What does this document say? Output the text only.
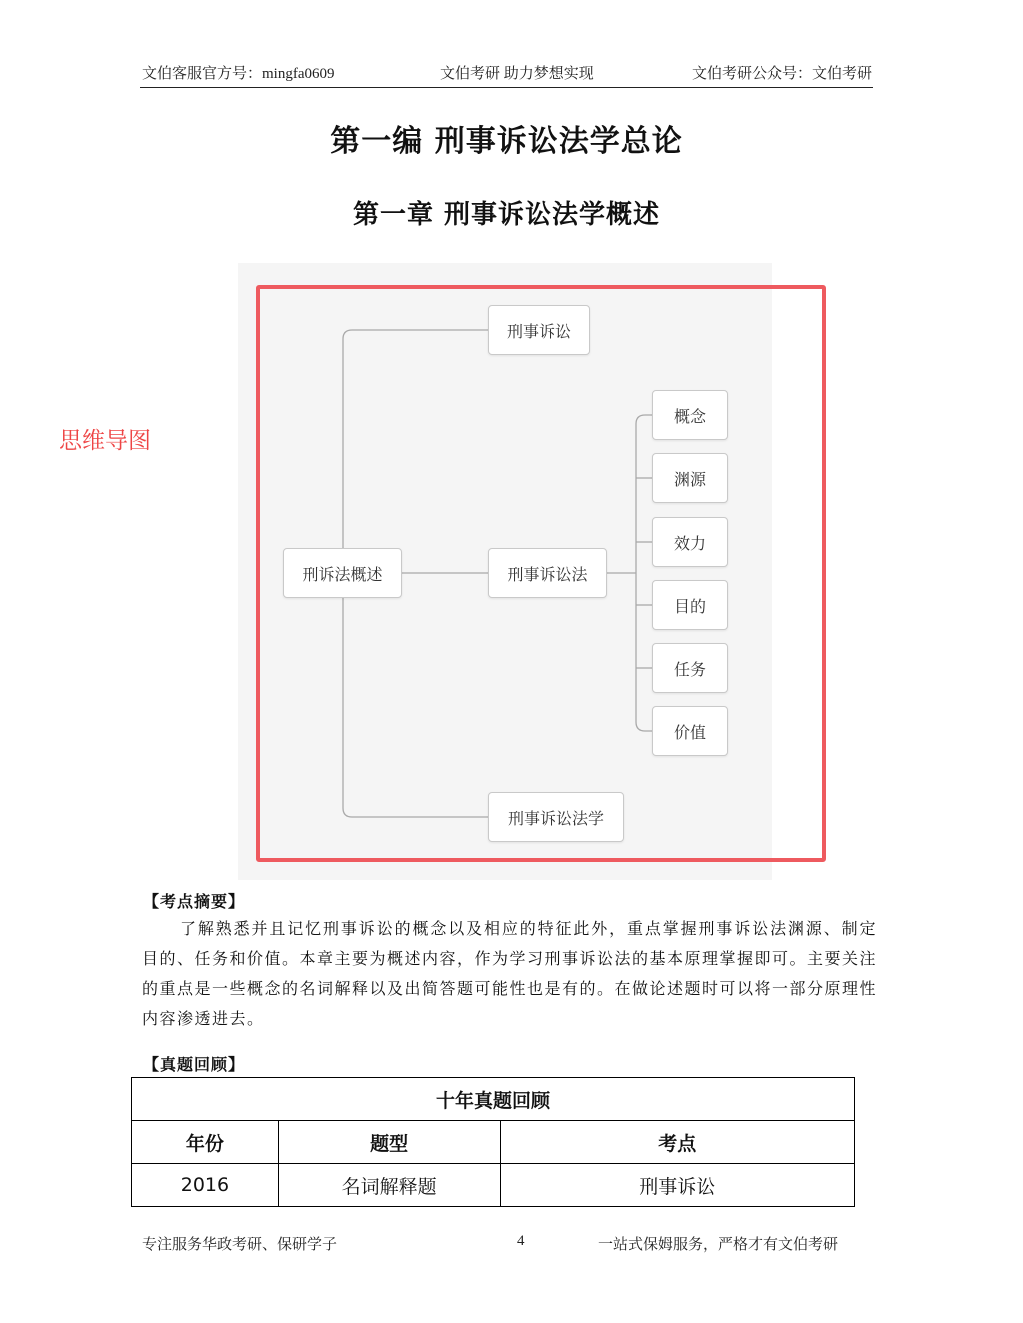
文伯客服官方号：mingfa0609	文伯考研 助力梦想实现	文伯考研公众号：文伯考研
第一编 刑事诉讼法学总论
第一章 刑事诉讼法学概述
思维导图
刑诉法概述
刑事诉讼
刑事诉讼法
刑事诉讼法学
概念
渊源
效力
目的
任务
价值
【考点摘要】
了解熟悉并且记忆刑事诉讼的概念以及相应的特征此外，重点掌握刑事诉讼法渊源、制定目的、任务和价值。本章主要为概述内容，作为学习刑事诉讼法的基本原理掌握即可。主要关注的重点是一些概念的名词解释以及出简答题可能性也是有的。在做论述题时可以将一部分原理性内容渗透进去。
【真题回顾】
十年真题回顾		
年份	题型	考点
2016	名词解释题	刑事诉讼
专注服务华政考研、保研学子	4	一站式保姆服务，严格才有文伯考研
